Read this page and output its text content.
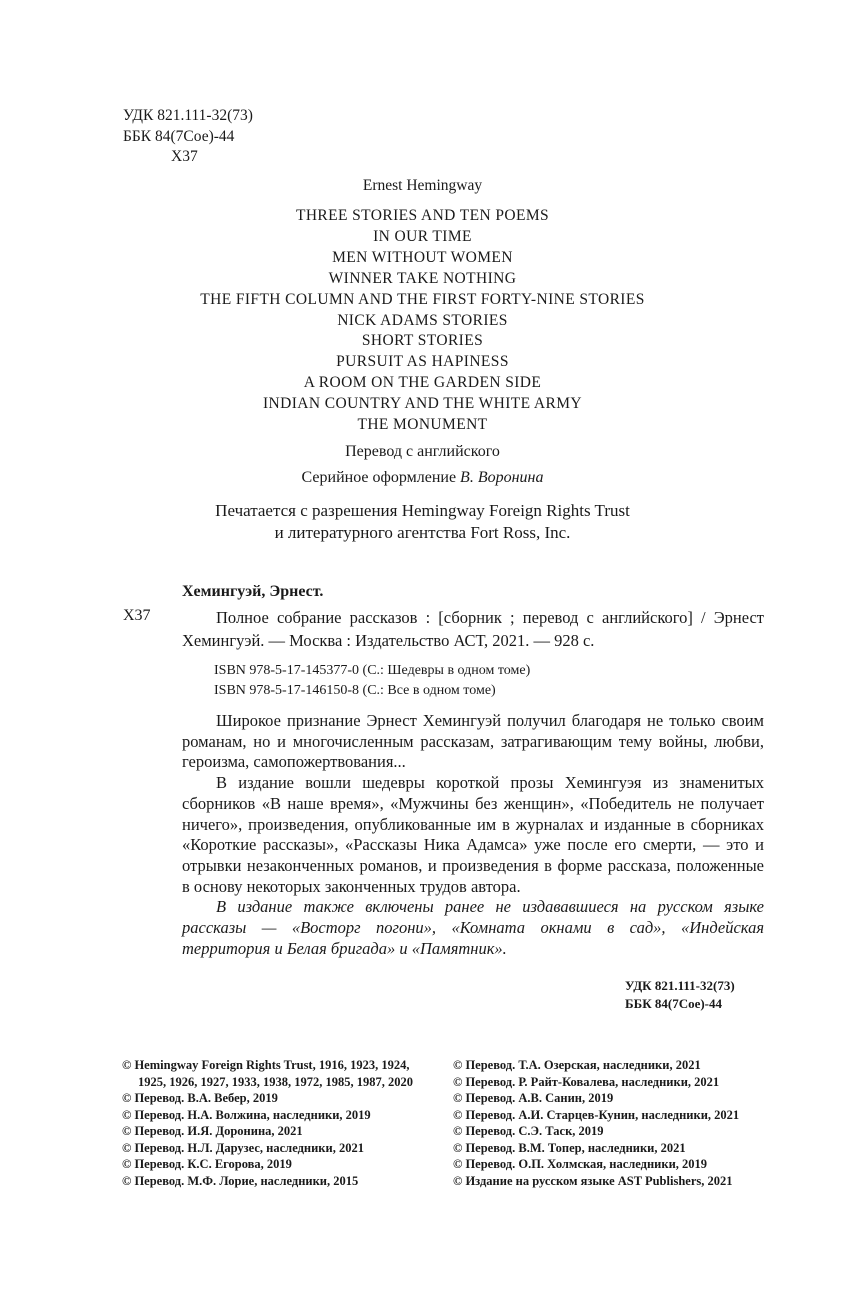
УДК 821.111-32(73)
ББК 84(7Сое)-44
Х37
Ernest Hemingway
THREE STORIES AND TEN POEMS
IN OUR TIME
MEN WITHOUT WOMEN
WINNER TAKE NOTHING
THE FIFTH COLUMN AND THE FIRST FORTY-NINE STORIES
NICK ADAMS STORIES
SHORT STORIES
PURSUIT AS HAPINESS
A ROOM ON THE GARDEN SIDE
INDIAN COUNTRY AND THE WHITE ARMY
THE MONUMENT
Перевод с английского
Серийное оформление В. Воронина
Печатается с разрешения Hemingway Foreign Rights Trust
и литературного агентства Fort Ross, Inc.
Хемингуэй, Эрнест.
Х37	Полное собрание рассказов : [сборник ; перевод с английского] / Эрнест Хемингуэй. — Москва : Издательство АСТ, 2021. — 928 с.
ISBN 978-5-17-145377-0 (С.: Шедевры в одном томе)
ISBN 978-5-17-146150-8 (С.: Все в одном томе)

Широкое признание Эрнест Хемингуэй получил благодаря не только своим романам, но и многочисленным рассказам, затрагивающим тему войны, любви, героизма, самопожертвования...

В издание вошли шедевры короткой прозы Хемингуэя из знаменитых сборников «В наше время», «Мужчины без женщин», «Победитель не получает ничего», произведения, опубликованные им в журналах и изданные в сборниках «Короткие рассказы», «Рассказы Ника Адамса» уже после его смерти, — это и отрывки незаконченных романов, и произведения в форме рассказа, положенные в основу некоторых законченных трудов автора.

В издание также включены ранее не издававшиеся на русском языке рассказы — «Восторг погони», «Комната окнами в сад», «Индейская территория и Белая бригада» и «Памятник».

УДК 821.111-32(73)
ББК 84(7Сое)-44
© Hemingway Foreign Rights Trust, 1916, 1923, 1924,
1925, 1926, 1927, 1933, 1938, 1972, 1985, 1987, 2020
© Перевод. В.А. Вебер, 2019
© Перевод. Н.А. Волжина, наследники, 2019
© Перевод. И.Я. Доронина, 2021
© Перевод. Н.Л. Дарузес, наследники, 2021
© Перевод. К.С. Егорова, 2019
© Перевод. М.Ф. Лорие, наследники, 2015
© Перевод. Т.А. Озерская, наследники, 2021
© Перевод. Р. Райт-Ковалева, наследники, 2021
© Перевод. А.В. Санин, 2019
© Перевод. А.И. Старцев-Кунин, наследники, 2021
© Перевод. С.Э. Таск, 2019
© Перевод. В.М. Топер, наследники, 2021
© Перевод. О.П. Холмская, наследники, 2019
© Издание на русском языке AST Publishers, 2021
